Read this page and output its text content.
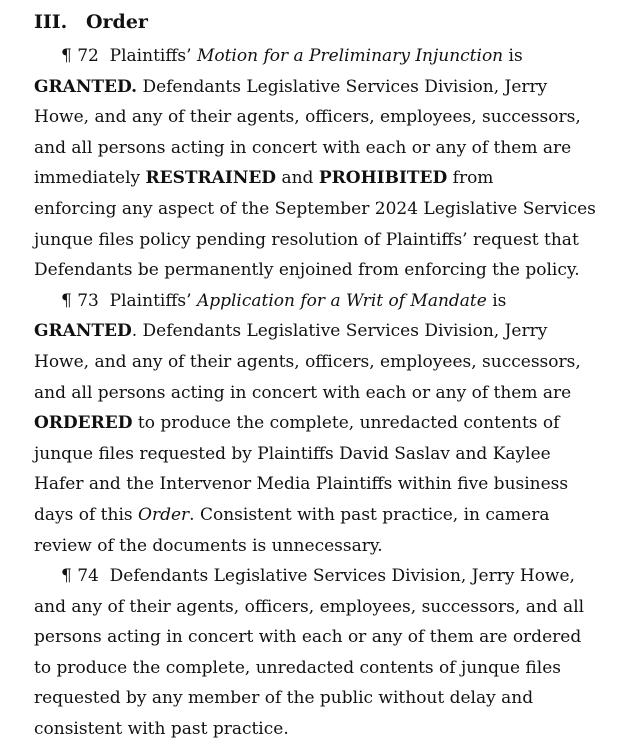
III. Order
¶ 72 Plaintiffs’ Motion for a Preliminary Injunction is
GRANTED. Defendants Legislative Services Division, Jerry
Howe, and any of their agents, officers, employees, successors,
and all persons acting in concert with each or any of them are
immediately RESTRAINED and PROHIBITED from
enforcing any aspect of the September 2024 Legislative Services
junque files policy pending resolution of Plaintiffs’ request that
Defendants be permanently enjoined from enforcing the policy.
¶ 73 Plaintiffs’ Application for a Writ of Mandate is
GRANTED. Defendants Legislative Services Division, Jerry
Howe, and any of their agents, officers, employees, successors,
and all persons acting in concert with each or any of them are
ORDERED to produce the complete, unredacted contents of
junque files requested by Plaintiffs David Saslav and Kaylee
Hafer and the Intervenor Media Plaintiffs within five business
days of this Order. Consistent with past practice, in camera
review of the documents is unnecessary.
¶ 74 Defendants Legislative Services Division, Jerry Howe,
and any of their agents, officers, employees, successors, and all
persons acting in concert with each or any of them are ordered
to produce the complete, unredacted contents of junque files
requested by any member of the public without delay and
consistent with past practice.
